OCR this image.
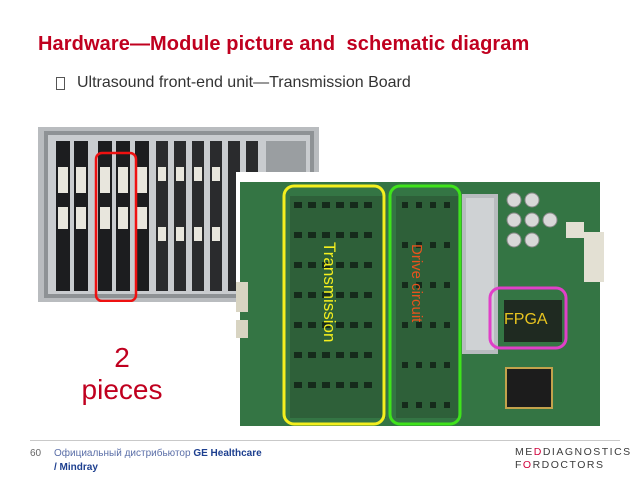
Hardware—Module picture and  schematic diagram
Ultrasound front-end unit—Transmission Board
Transmission	Drive circuit	FPGA
2
pieces
60 Официальный дистрибьютор GE Healthcare
/ Mindray
MEDDIAGNOSTICS
FORDOCTORS
